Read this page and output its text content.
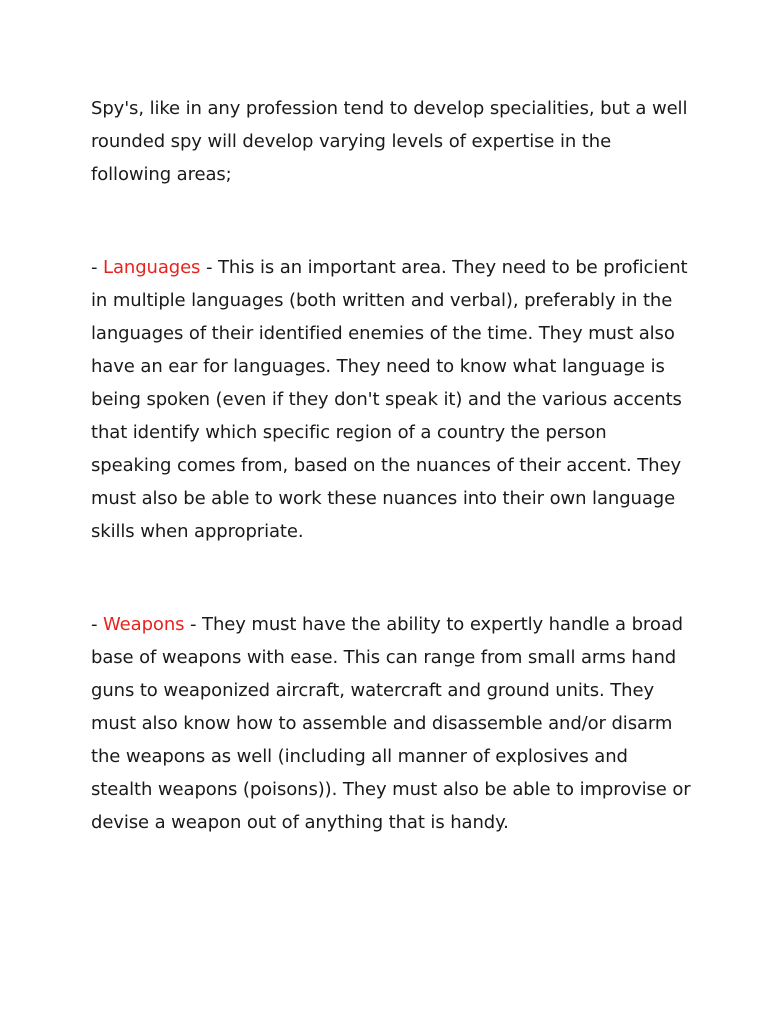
Spy's, like in any profession tend to develop specialities, but a well rounded spy will develop varying levels of expertise in the following areas;

- Languages - This is an important area. They need to be proficient in multiple languages (both written and verbal), preferably in the languages of their identified enemies of the time. They must also have an ear for languages. They need to know what language is being spoken (even if they don't speak it) and the various accents that identify which specific region of a country the person speaking comes from, based on the nuances of their accent. They must also be able to work these nuances into their own language skills when appropriate.

- Weapons - They must have the ability to expertly handle a broad base of weapons with ease. This can range from small arms hand guns to weaponized aircraft, watercraft and ground units. They must also know how to assemble and disassemble and/or disarm the weapons as well (including all manner of explosives and stealth weapons (poisons)). They must also be able to improvise or devise a weapon out of anything that is handy.
